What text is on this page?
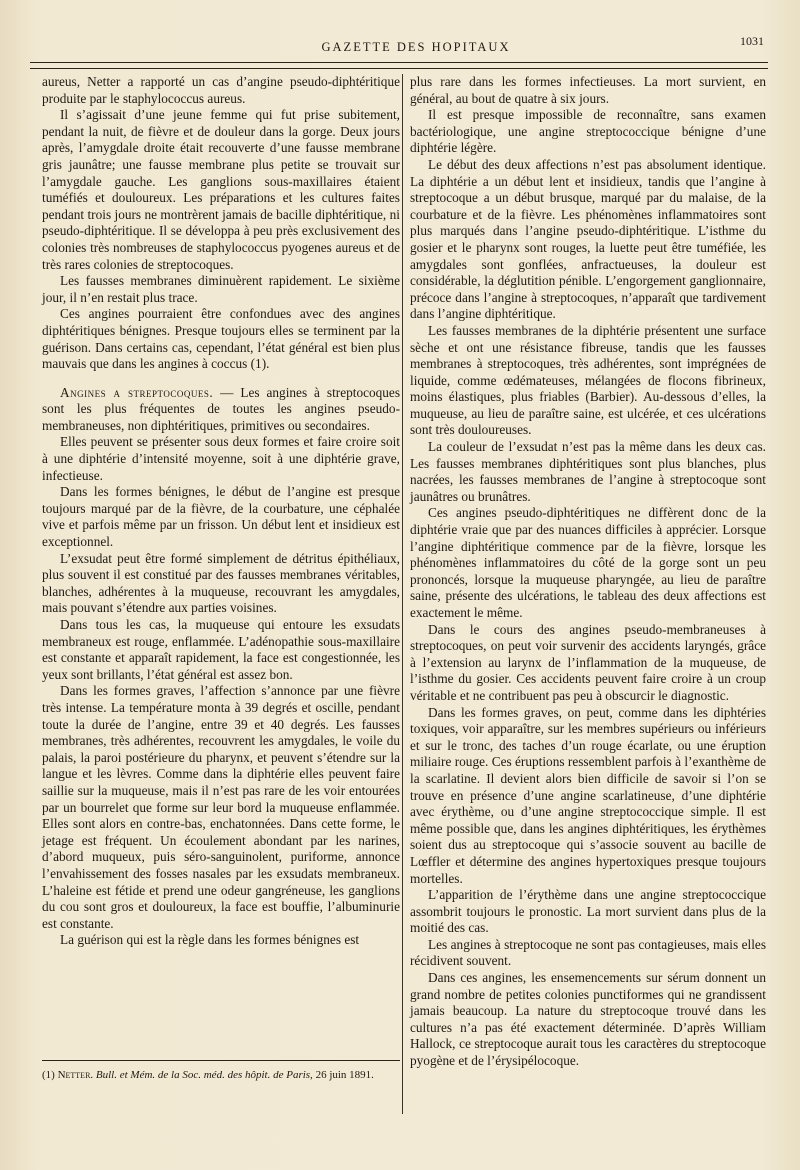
GAZETTE DES HOPITAUX	1031

aureus, Netter a rapporté un cas d’angine pseudo-diphtéritique produite par le staphylococcus aureus.

Il s’agissait d’une jeune femme qui fut prise subitement, pendant la nuit, de fièvre et de douleur dans la gorge. Deux jours après, l’amygdale droite était recouverte d’une fausse membrane gris jaunâtre; une fausse membrane plus petite se trouvait sur l’amygdale gauche. Les ganglions sous-maxillaires étaient tuméfiés et douloureux. Les préparations et les cultures faites pendant trois jours ne montrèrent jamais de bacille diphtéritique, ni pseudo-diphtéritique. Il se développa à peu près exclusivement des colonies très nombreuses de staphylococcus pyogenes aureus et de très rares colonies de streptocoques.

Les fausses membranes diminuèrent rapidement. Le sixième jour, il n’en restait plus trace.

Ces angines pourraient être confondues avec des angines diphtéritiques bénignes. Presque toujours elles se terminent par la guérison. Dans certains cas, cependant, l’état général est bien plus mauvais que dans les angines à coccus (1).

Angines a streptocoques. — Les angines à streptocoques sont les plus fréquentes de toutes les angines pseudo-membraneuses, non diphtéritiques, primitives ou secondaires.

Elles peuvent se présenter sous deux formes et faire croire soit à une diphtérie d’intensité moyenne, soit à une diphtérie grave, infectieuse.

Dans les formes bénignes, le début de l’angine est presque toujours marqué par de la fièvre, de la courbature, une céphalée vive et parfois même par un frisson. Un début lent et insidieux est exceptionnel.

L’exsudat peut être formé simplement de détritus épithéliaux, plus souvent il est constitué par des fausses membranes véritables, blanches, adhérentes à la muqueuse, recouvrant les amygdales, mais pouvant s’étendre aux parties voisines.

Dans tous les cas, la muqueuse qui entoure les exsudats membraneux est rouge, enflammée. L’adénopathie sous-maxillaire est constante et apparaît rapidement, la face est congestionnée, les yeux sont brillants, l’état général est assez bon.

Dans les formes graves, l’affection s’annonce par une fièvre très intense. La température monta à 39 degrés et oscille, pendant toute la durée de l’angine, entre 39 et 40 degrés. Les fausses membranes, très adhérentes, recouvrent les amygdales, le voile du palais, la paroi postérieure du pharynx, et peuvent s’étendre sur la langue et les lèvres. Comme dans la diphtérie elles peuvent faire saillie sur la muqueuse, mais il n’est pas rare de les voir entourées par un bourrelet que forme sur leur bord la muqueuse enflammée. Elles sont alors en contre-bas, enchatonnées. Dans cette forme, le jetage est fréquent. Un écoulement abondant par les narines, d’abord muqueux, puis séro-sanguinolent, puriforme, annonce l’envahissement des fosses nasales par les exsudats membraneux. L’haleine est fétide et prend une odeur gangréneuse, les ganglions du cou sont gros et douloureux, la face est bouffie, l’albuminurie est constante.

La guérison qui est la règle dans les formes bénignes est

plus rare dans les formes infectieuses. La mort survient, en général, au bout de quatre à six jours.

Il est presque impossible de reconnaître, sans examen bactériologique, une angine streptococcique bénigne d’une diphtérie légère.

Le début des deux affections n’est pas absolument identique. La diphtérie a un début lent et insidieux, tandis que l’angine à streptocoque a un début brusque, marqué par du malaise, de la courbature et de la fièvre. Les phénomènes inflammatoires sont plus marqués dans l’angine pseudo-diphtéritique. L’isthme du gosier et le pharynx sont rouges, la luette peut être tuméfiée, les amygdales sont gonflées, anfractueuses, la douleur est considérable, la déglutition pénible. L’engorgement ganglionnaire, précoce dans l’angine à streptocoques, n’apparaît que tardivement dans l’angine diphtéritique.

Les fausses membranes de la diphtérie présentent une surface sèche et ont une résistance fibreuse, tandis que les fausses membranes à streptocoques, très adhérentes, sont imprégnées de liquide, comme œdémateuses, mélangées de flocons fibrineux, moins élastiques, plus friables (Barbier). Au-dessous d’elles, la muqueuse, au lieu de paraître saine, est ulcérée, et ces ulcérations sont très douloureuses.

La couleur de l’exsudat n’est pas la même dans les deux cas. Les fausses membranes diphtéritiques sont plus blanches, plus nacrées, les fausses membranes de l’angine à streptocoque sont jaunâtres ou brunâtres.

Ces angines pseudo-diphtéritiques ne diffèrent donc de la diphtérie vraie que par des nuances difficiles à apprécier. Lorsque l’angine diphtéritique commence par de la fièvre, lorsque les phénomènes inflammatoires du côté de la gorge sont un peu prononcés, lorsque la muqueuse pharyngée, au lieu de paraître saine, présente des ulcérations, le tableau des deux affections est exactement le même.

Dans le cours des angines pseudo-membraneuses à streptocoques, on peut voir survenir des accidents laryngés, grâce à l’extension au larynx de l’inflammation de la muqueuse, de l’isthme du gosier. Ces accidents peuvent faire croire à un croup véritable et ne contribuent pas peu à obscurcir le diagnostic.

Dans les formes graves, on peut, comme dans les diphtéries toxiques, voir apparaître, sur les membres supérieurs ou inférieurs et sur le tronc, des taches d’un rouge écarlate, ou une éruption miliaire rouge. Ces éruptions ressemblent parfois à l’exanthème de la scarlatine. Il devient alors bien difficile de savoir si l’on se trouve en présence d’une angine scarlatineuse, d’une diphtérie avec érythème, ou d’une angine streptococcique simple. Il est même possible que, dans les angines diphtéritiques, les érythèmes soient dus au streptocoque qui s’associe souvent au bacille de Lœffler et détermine des angines hypertoxiques presque toujours mortelles.

L’apparition de l’érythème dans une angine streptococcique assombrit toujours le pronostic. La mort survient dans plus de la moitié des cas.

Les angines à streptocoque ne sont pas contagieuses, mais elles récidivent souvent.

Dans ces angines, les ensemencements sur sérum donnent un grand nombre de petites colonies punctiformes qui ne grandissent jamais beaucoup. La nature du streptocoque trouvé dans les cultures n’a pas été exactement déterminée. D’après William Hallock, ce streptocoque aurait tous les caractères du streptocoque pyogène et de l’érysipélocoque.

(1) Netter. Bull. et Mém. de la Soc. méd. des hôpit. de Paris, 26 juin 1891.
